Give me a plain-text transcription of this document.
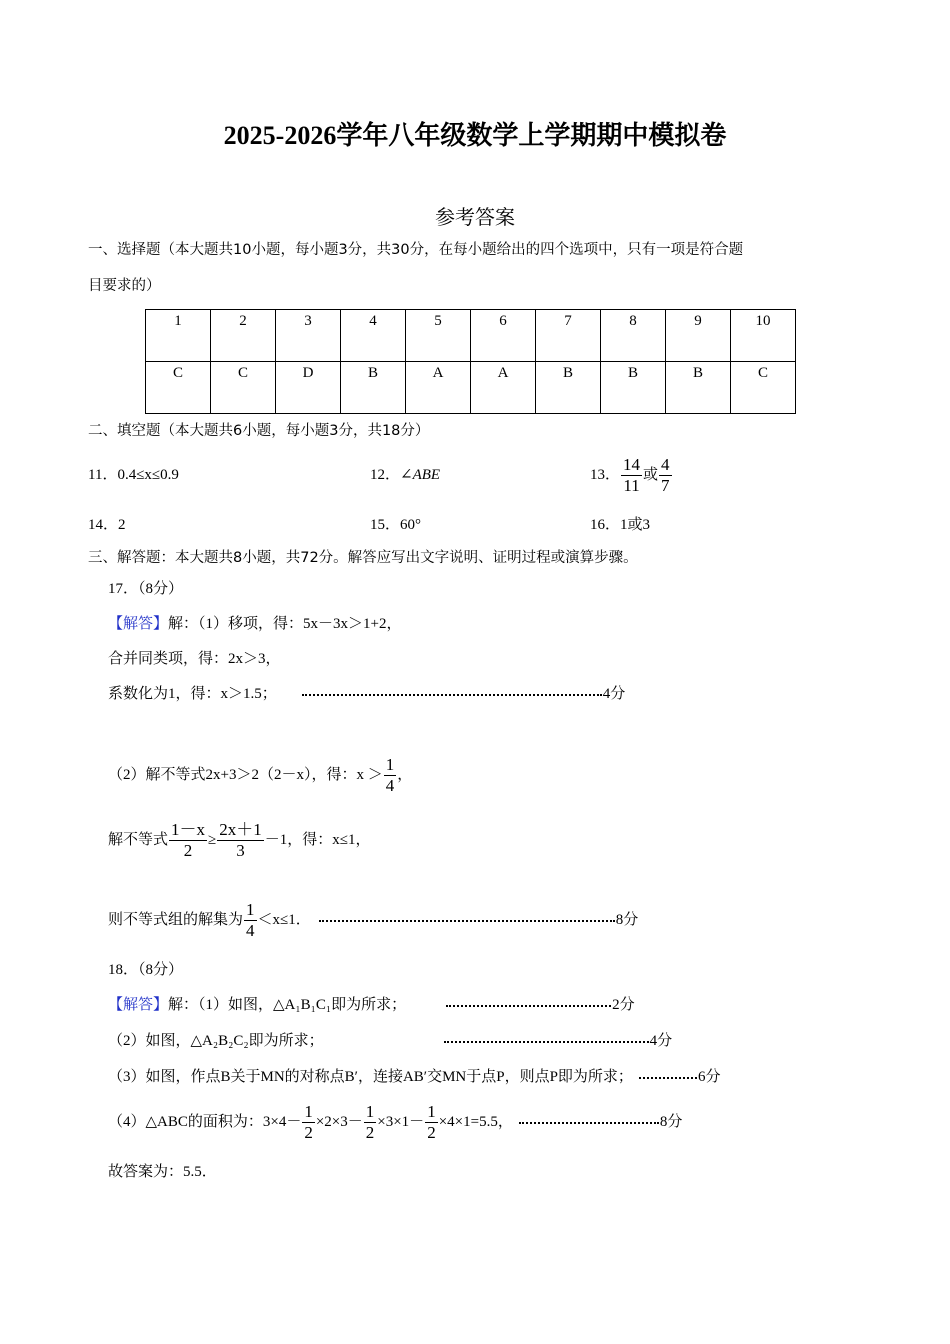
2025-2026学年八年级数学上学期期中模拟卷
参考答案
一、选择题（本大题共10小题，每小题3分，共30分，在每小题给出的四个选项中，只有一项是符合题
目要求的）
1	2	3	4	5	6	7	8	9	10
C	C	D	B	A	A	B	B	B	C
二、填空题（本大题共6小题，每小题3分，共18分）
11．0.4≤x≤0.9	12．∠ABE	13． $\frac{14}{11}$ 或 $\frac{4}{7}$
14．2	15．60°	16．1或3
三、解答题：本大题共8小题，共72分。解答应写出文字说明、证明过程或演算步骤。
17．（8分）
【解答】解：（1）移项，得：5x－3x＞1+2，
合并同类项，得：2x＞3，
系数化为1，得：x＞1.5；	4分
（2）解不等式2x+3＞2（2－x），得：$x > \frac{1}{4}$ ，
解不等式 $\frac{1-x}{2} \ge \frac{2x+1}{3} -1$，得：x≤1，
则不等式组的解集为 $\frac{1}{4} <x\le 1$．	8分
18．（8分）
【解答】解：（1）如图，△A₁B₁C₁即为所求；	2分
（2）如图，△A₂B₂C₂即为所求；	4分
（3）如图，作点B关于MN的对称点B′，连接AB′交MN于点P，则点P即为所求；	6分
（4）△ABC的面积为：$3\times 4- \frac{1}{2} \times 2\times 3- \frac{1}{2} \times 3\times 1- \frac{1}{2} \times 4\times 1=5.5$，	8分
故答案为：5.5．
